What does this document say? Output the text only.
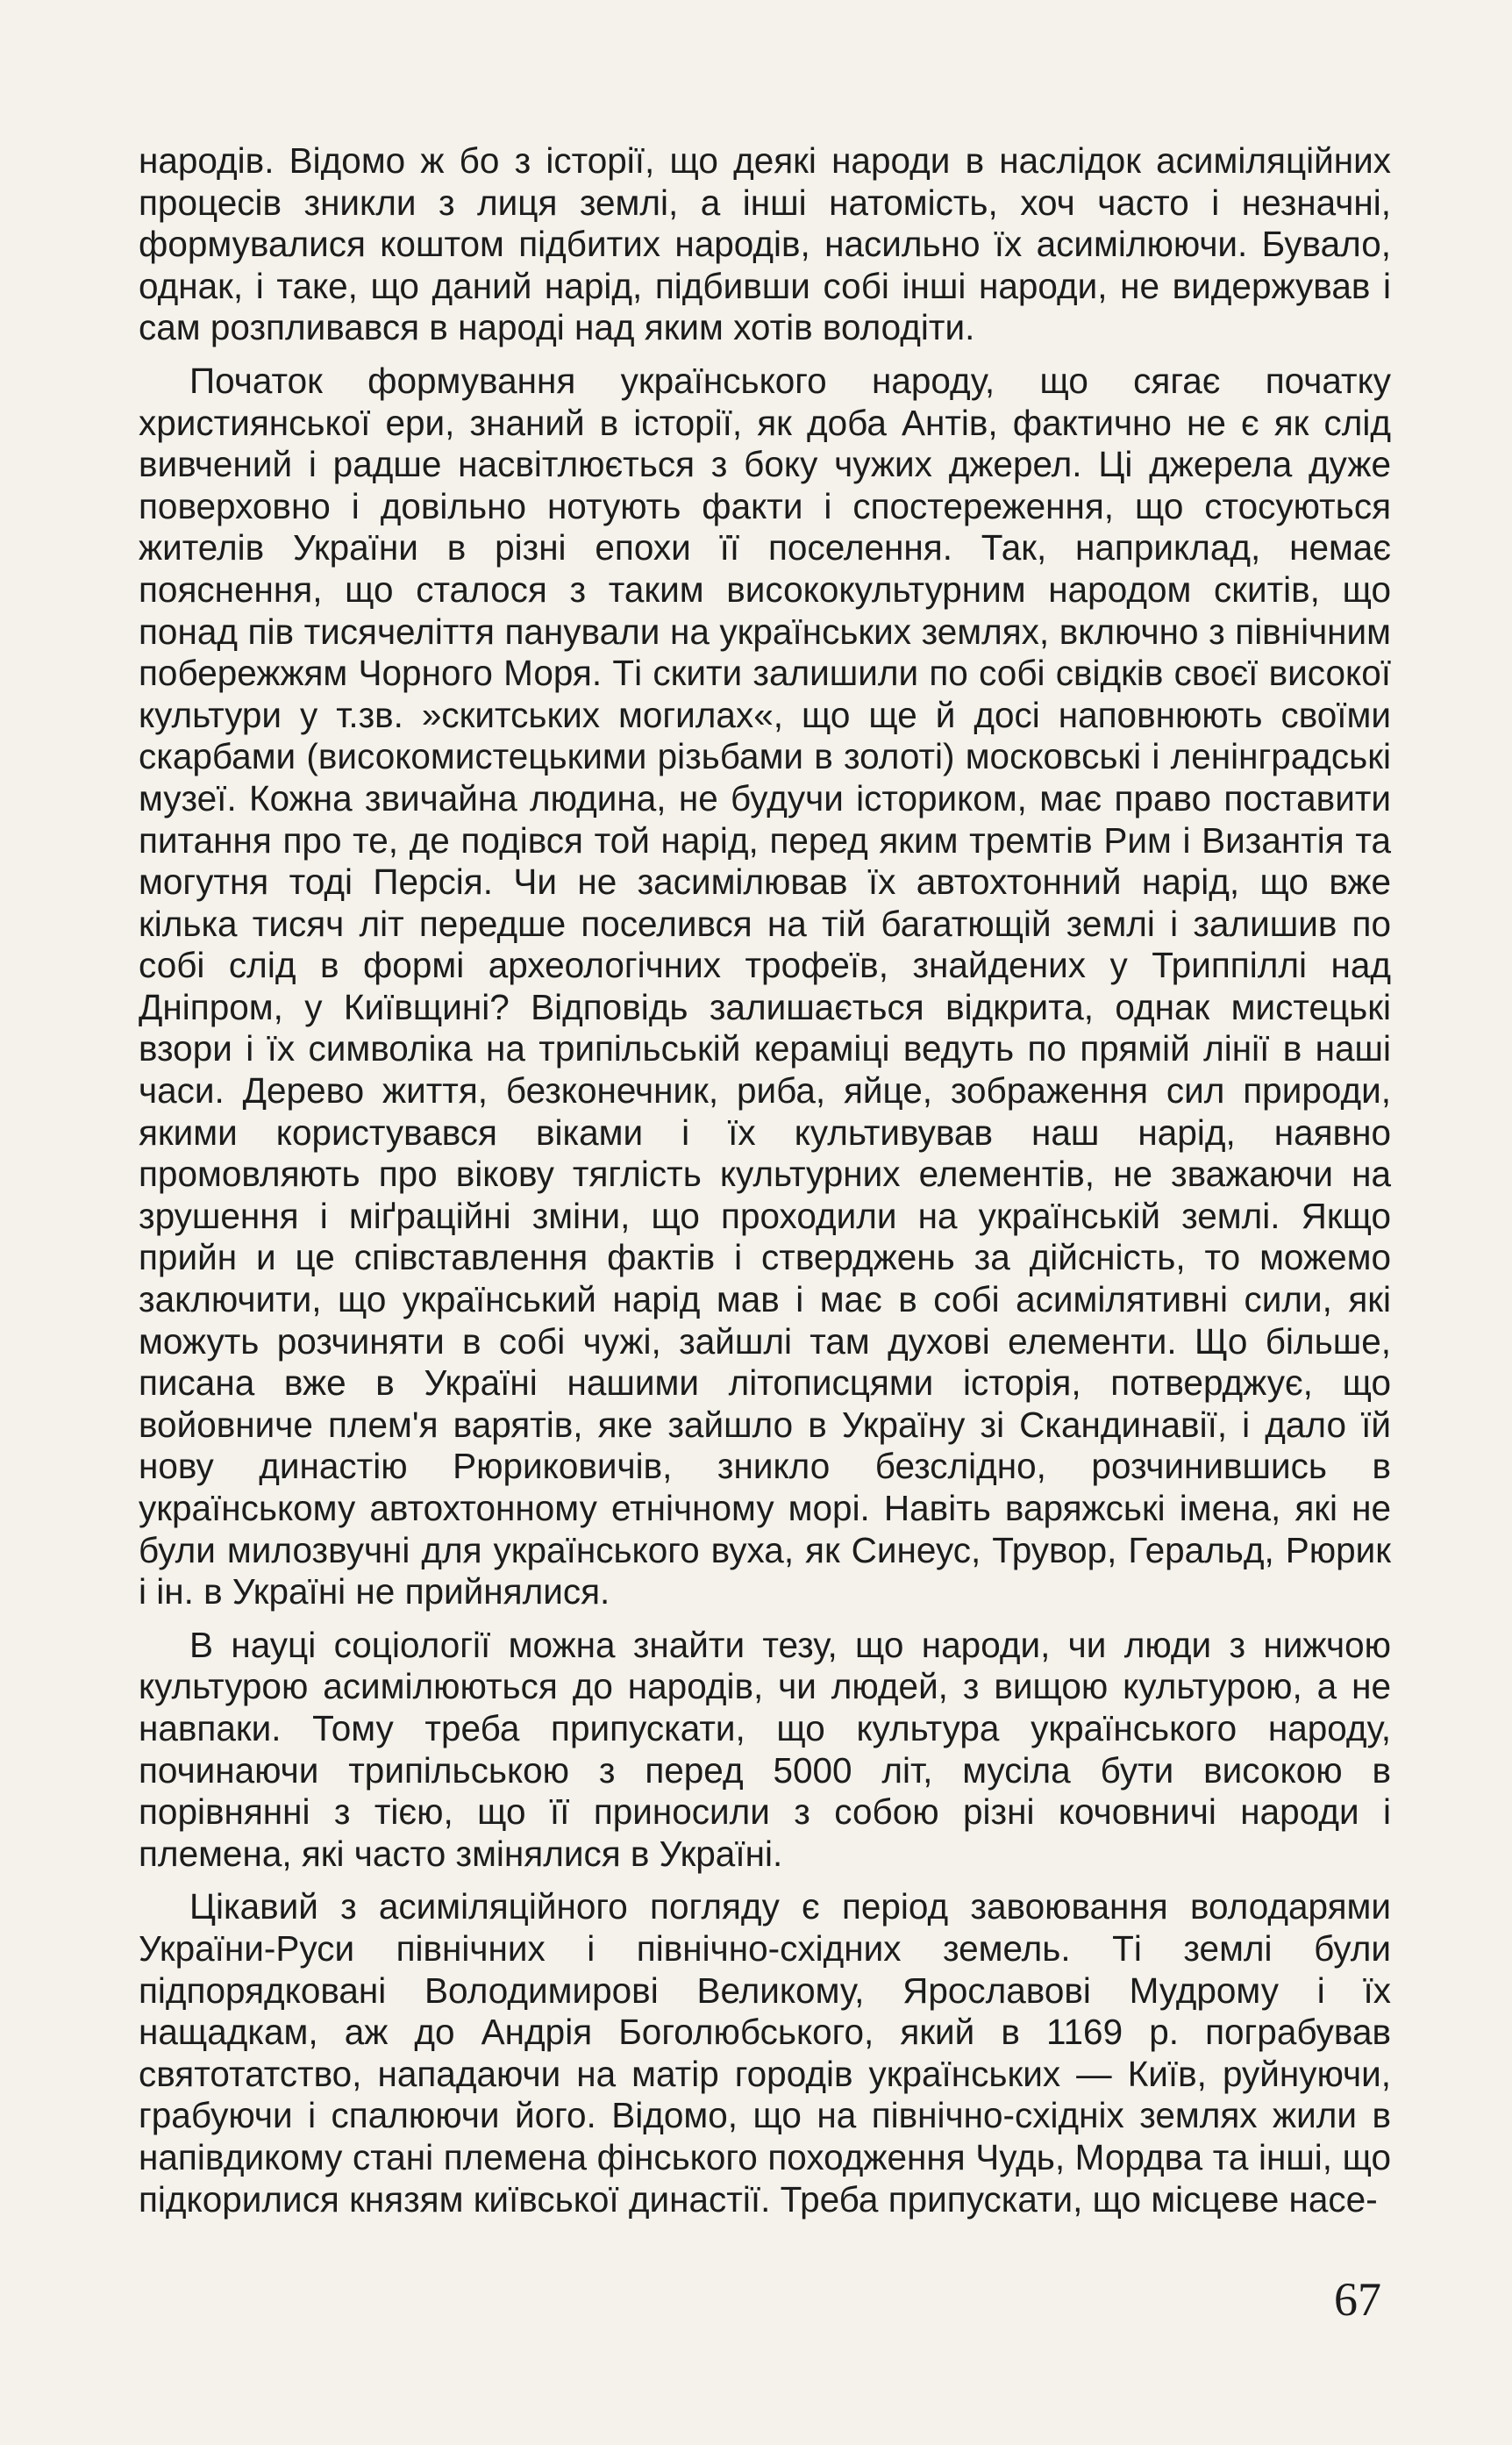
народів. Відомо ж бо з історії, що деякі народи в наслідок асиміляційних процесів зникли з лиця землі, а інші натомість, хоч часто і незначні, формувалися коштом підбитих народів, насильно їх асимілюючи. Бувало, однак, і таке, що даний нарід, підбивши собі інші народи, не видержував і сам розпливався в народі над яким хотів володіти.

Початок формування українського народу, що сягає початку християнської ери, знаний в історії, як доба Антів, фактично не є як слід вивчений і радше насвітлюється з боку чужих джерел. Ці джерела дуже поверховно і довільно нотують факти і спостереження, що стосуються жителів України в різні епохи її поселення. Так, наприклад, немає пояснення, що сталося з таким висококультурним народом скитів, що понад пів тисячеліття панували на українських землях, включно з північним побережжям Чорного Моря. Ті скити залишили по собі свідків своєї високої культури у т.зв. »скитських могилах«, що ще й досі наповнюють своїми скарбами (високомистецькими різьбами в золоті) московські і ленінградські музеї. Кожна звичайна людина, не будучи істориком, має право поставити питання про те, де подівся той нарід, перед яким тремтів Рим і Византія та могутня тоді Персія. Чи не засимілював їх автохтонний нарід, що вже кілька тисяч літ передше поселився на тій багатющій землі і залишив по собі слід в формі археологічних трофеїв, знайдених у Триппіллі над Дніпром, у Київщині? Відповідь залишається відкрита, однак мистецькі взори і їх символіка на трипільській кераміці ведуть по прямій лінії в наші часи. Дерево життя, безконечник, риба, яйце, зображення сил природи, якими користувався віками і їх культивував наш нарід, наявно промовляють про вікову тяглість культурних елементів, не зважаючи на зрушення і міґраційні зміни, що проходили на українській землі. Якщо прийн и це співставлення фактів і стверджень за дійсність, то можемо заключити, що український нарід мав і має в собі асимілятивні сили, які можуть розчиняти в собі чужі, зайшлі там духові елементи. Що більше, писана вже в Україні нашими літописцями історія, потверджує, що войовниче плем'я варятів, яке зайшло в Україну зі Скандинавії, і дало їй нову династію Рюриковичів, зникло безслідно, розчинившись в українському автохтонному етнічному морі. Навіть варяжські імена, які не були милозвучні для українського вуха, як Синеус, Трувор, Геральд, Рюрик і ін. в Україні не прийнялися.

В науці соціології можна знайти тезу, що народи, чи люди з нижчою культурою асимілюються до народів, чи людей, з вищою культурою, а не навпаки. Тому треба припускати, що культура українського народу, починаючи трипільською з перед 5000 літ, мусіла бути високою в порівнянні з тією, що її приносили з собою різні кочовничі народи і племена, які часто змінялися в Україні.

Цікавий з асиміляційного погляду є період завоювання володарями України-Руси північних і північно-східних земель. Ті землі були підпорядковані Володимирові Великому, Ярославові Мудрому і їх нащадкам, аж до Андрія Боголюбського, який в 1169 р. пограбував святотатство, нападаючи на матір городів українських — Київ, руйнуючи, грабуючи і спалюючи його. Відомо, що на північно-східніх землях жили в напівдикому стані племена фінського походження Чудь, Мордва та інші, що підкорилися князям київської династії. Треба припускати, що місцеве насе-

67
